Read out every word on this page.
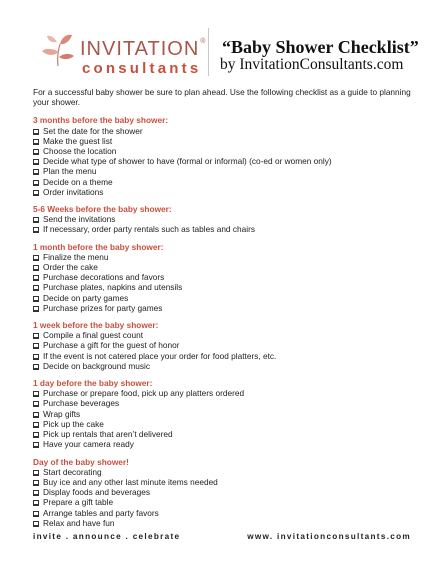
INVITATION®
consultants
“Baby Shower Checklist”
by InvitationConsultants.com

For a successful baby shower be sure to plan ahead. Use the following checklist as a guide to planning your shower.

3 months before the baby shower:
Set the date for the shower
Make the guest list
Choose the location
Decide what type of shower to have (formal or informal) (co-ed or women only)
Plan the menu
Decide on a theme
Order invitations
5-6 Weeks before the baby shower:
Send the invitations
If necessary, order party rentals such as tables and chairs
1 month before the baby shower:
Finalize the menu
Order the cake
Purchase decorations and favors
Purchase plates, napkins and utensils
Decide on party games
Purchase prizes for party games
1 week before the baby shower:
Compile a final guest count
Purchase a gift for the guest of honor
If the event is not catered place your order for food platters, etc.
Decide on background music
1 day before the baby shower:
Purchase or prepare food, pick up any platters ordered
Purchase beverages
Wrap gifts
Pick up the cake
Pick up rentals that aren’t delivered
Have your camera ready
Day of the baby shower!
Start decorating
Buy ice and any other last minute items needed
Display foods and beverages
Prepare a gift table
Arrange tables and party favors
Relax and have fun
invite . announce . celebrate	www. invitationconsultants.com
